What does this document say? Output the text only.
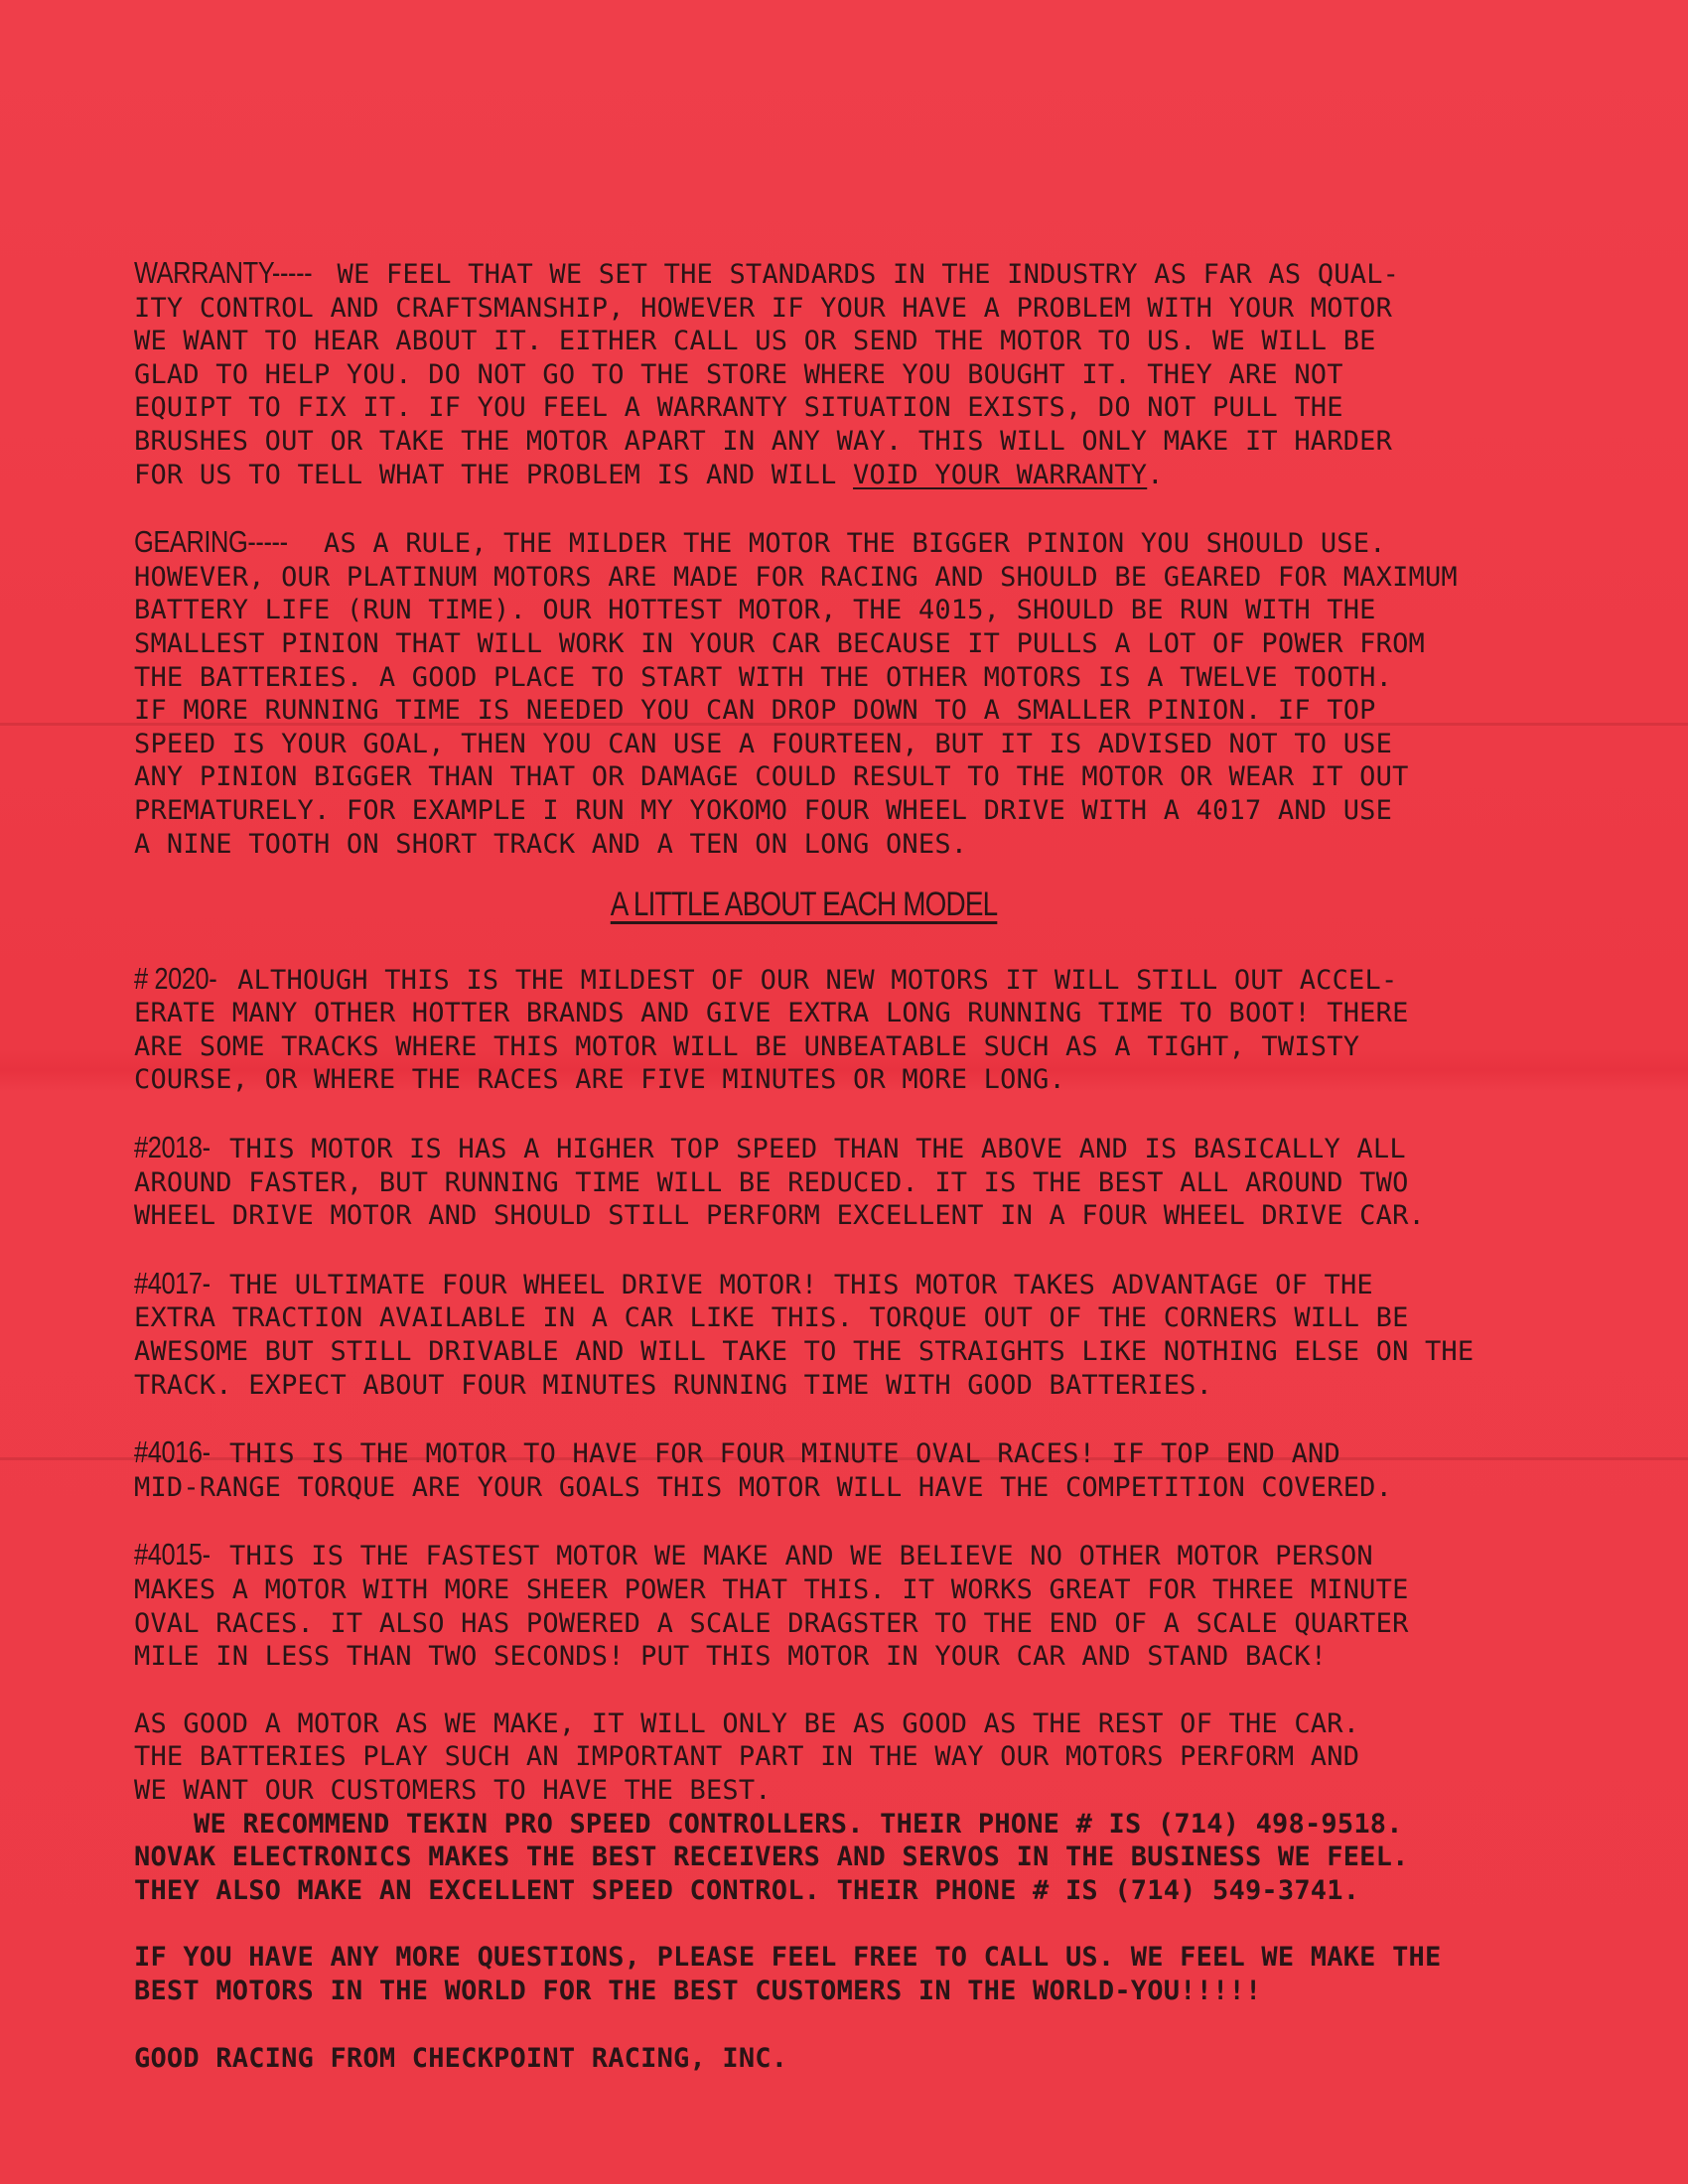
WARRANTY----- WE FEEL THAT WE SET THE STANDARDS IN THE INDUSTRY AS FAR AS QUAL-
ITY CONTROL AND CRAFTSMANSHIP, HOWEVER IF YOUR HAVE A PROBLEM WITH YOUR MOTOR
WE WANT TO HEAR ABOUT IT. EITHER CALL US OR SEND THE MOTOR TO US. WE WILL BE
GLAD TO HELP YOU. DO NOT GO TO THE STORE WHERE YOU BOUGHT IT. THEY ARE NOT
EQUIPT TO FIX IT. IF YOU FEEL A WARRANTY SITUATION EXISTS, DO NOT PULL THE
BRUSHES OUT OR TAKE THE MOTOR APART IN ANY WAY. THIS WILL ONLY MAKE IT HARDER
FOR US TO TELL WHAT THE PROBLEM IS AND WILL VOID YOUR WARRANTY.

GEARING----- AS A RULE, THE MILDER THE MOTOR THE BIGGER PINION YOU SHOULD USE.
HOWEVER, OUR PLATINUM MOTORS ARE MADE FOR RACING AND SHOULD BE GEARED FOR MAXIMUM
BATTERY LIFE (RUN TIME). OUR HOTTEST MOTOR, THE 4015, SHOULD BE RUN WITH THE
SMALLEST PINION THAT WILL WORK IN YOUR CAR BECAUSE IT PULLS A LOT OF POWER FROM
THE BATTERIES. A GOOD PLACE TO START WITH THE OTHER MOTORS IS A TWELVE TOOTH.
IF MORE RUNNING TIME IS NEEDED YOU CAN DROP DOWN TO A SMALLER PINION. IF TOP
SPEED IS YOUR GOAL, THEN YOU CAN USE A FOURTEEN, BUT IT IS ADVISED NOT TO USE
ANY PINION BIGGER THAN THAT OR DAMAGE COULD RESULT TO THE MOTOR OR WEAR IT OUT
PREMATURELY. FOR EXAMPLE I RUN MY YOKOMO FOUR WHEEL DRIVE WITH A 4017 AND USE
A NINE TOOTH ON SHORT TRACK AND A TEN ON LONG ONES.

A LITTLE ABOUT EACH MODEL

# 2020- ALTHOUGH THIS IS THE MILDEST OF OUR NEW MOTORS IT WILL STILL OUT ACCEL-
ERATE MANY OTHER HOTTER BRANDS AND GIVE EXTRA LONG RUNNING TIME TO BOOT! THERE
ARE SOME TRACKS WHERE THIS MOTOR WILL BE UNBEATABLE SUCH AS A TIGHT, TWISTY
COURSE, OR WHERE THE RACES ARE FIVE MINUTES OR MORE LONG.

#2018- THIS MOTOR IS HAS A HIGHER TOP SPEED THAN THE ABOVE AND IS BASICALLY ALL
AROUND FASTER, BUT RUNNING TIME WILL BE REDUCED. IT IS THE BEST ALL AROUND TWO
WHEEL DRIVE MOTOR AND SHOULD STILL PERFORM EXCELLENT IN A FOUR WHEEL DRIVE CAR.

#4017- THE ULTIMATE FOUR WHEEL DRIVE MOTOR! THIS MOTOR TAKES ADVANTAGE OF THE
EXTRA TRACTION AVAILABLE IN A CAR LIKE THIS. TORQUE OUT OF THE CORNERS WILL BE
AWESOME BUT STILL DRIVABLE AND WILL TAKE TO THE STRAIGHTS LIKE NOTHING ELSE ON THE
TRACK. EXPECT ABOUT FOUR MINUTES RUNNING TIME WITH GOOD BATTERIES.

#4016- THIS IS THE MOTOR TO HAVE FOR FOUR MINUTE OVAL RACES! IF TOP END AND
MID-RANGE TORQUE ARE YOUR GOALS THIS MOTOR WILL HAVE THE COMPETITION COVERED.

#4015- THIS IS THE FASTEST MOTOR WE MAKE AND WE BELIEVE NO OTHER MOTOR PERSON
MAKES A MOTOR WITH MORE SHEER POWER THAT THIS. IT WORKS GREAT FOR THREE MINUTE
OVAL RACES. IT ALSO HAS POWERED A SCALE DRAGSTER TO THE END OF A SCALE QUARTER
MILE IN LESS THAN TWO SECONDS! PUT THIS MOTOR IN YOUR CAR AND STAND BACK!

AS GOOD A MOTOR AS WE MAKE, IT WILL ONLY BE AS GOOD AS THE REST OF THE CAR.
THE BATTERIES PLAY SUCH AN IMPORTANT PART IN THE WAY OUR MOTORS PERFORM AND
WE WANT OUR CUSTOMERS TO HAVE THE BEST.

WE RECOMMEND TEKIN PRO SPEED CONTROLLERS. THEIR PHONE # IS (714) 498-9518.

NOVAK ELECTRONICS MAKES THE BEST RECEIVERS AND SERVOS IN THE BUSINESS WE FEEL.
THEY ALSO MAKE AN EXCELLENT SPEED CONTROL. THEIR PHONE # IS (714) 549-3741.

IF YOU HAVE ANY MORE QUESTIONS, PLEASE FEEL FREE TO CALL US. WE FEEL WE MAKE THE
BEST MOTORS IN THE WORLD FOR THE BEST CUSTOMERS IN THE WORLD-YOU!!!!!

GOOD RACING FROM CHECKPOINT RACING, INC.
